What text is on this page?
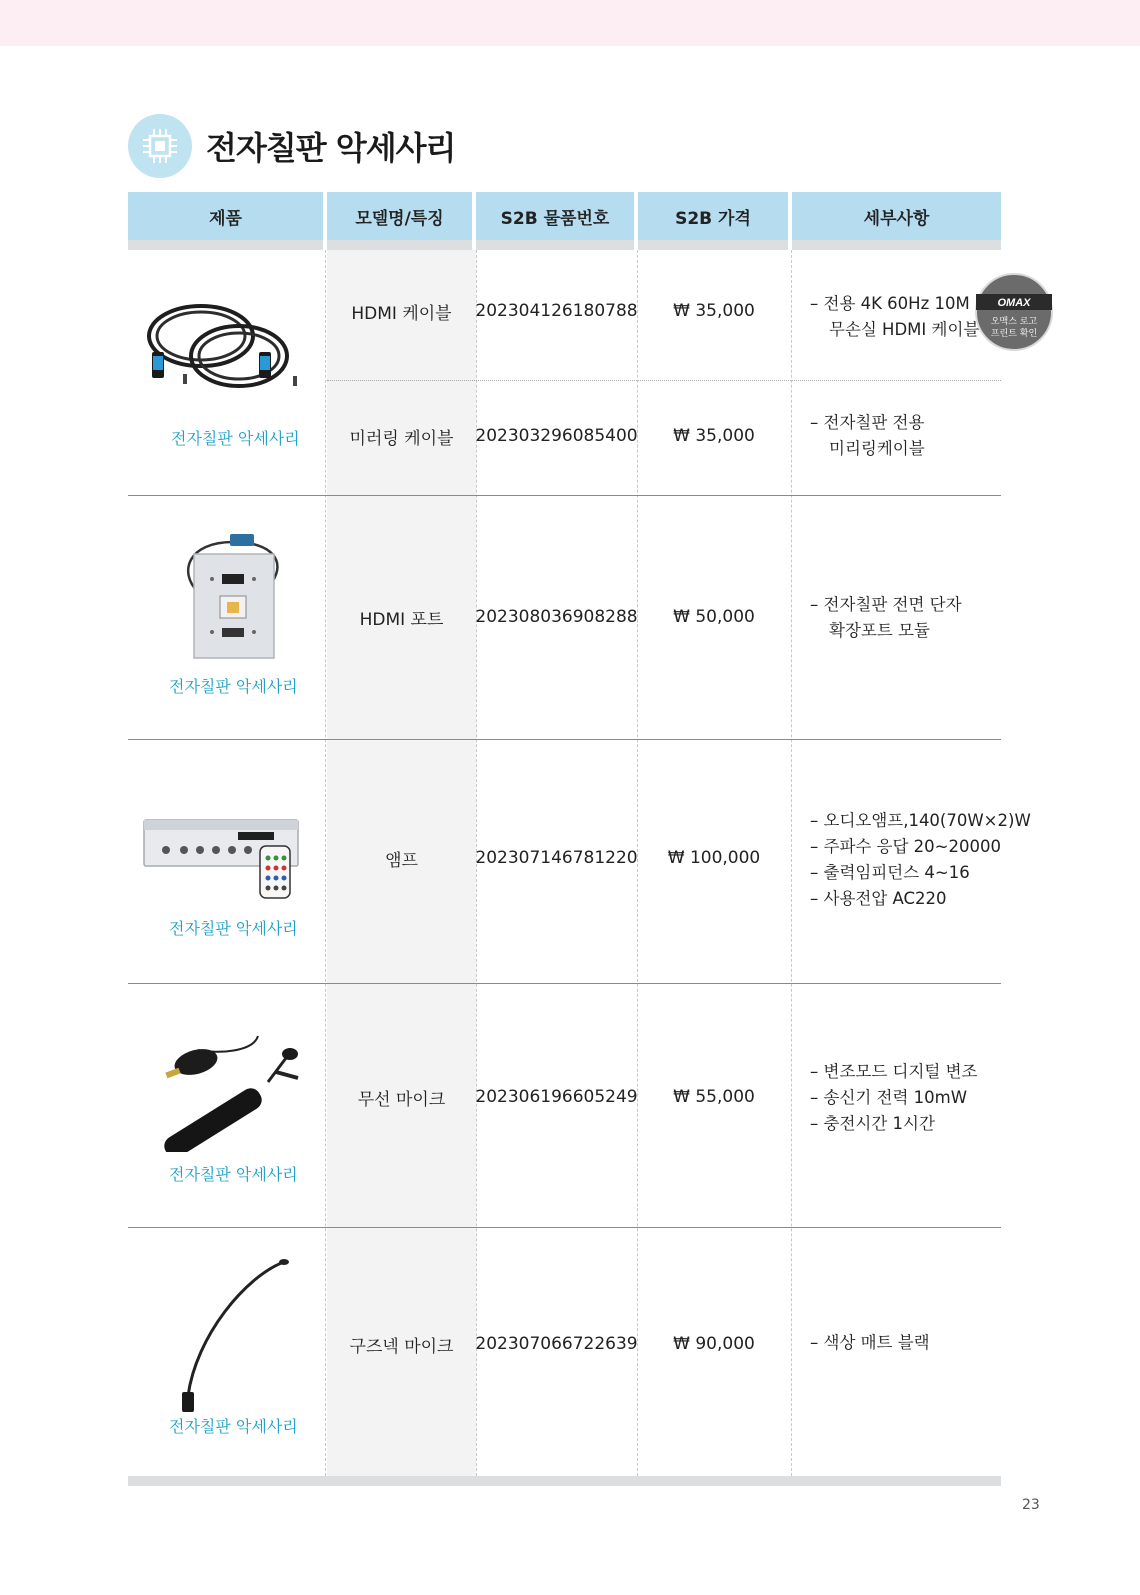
전자칠판 악세사리
제품	모델명/특징	S2B 물품번호	S2B 가격	세부사항
전자칠판 악세사리
HDMI 케이블	202304126180788	₩ 35,000	– 전용 4K 60Hz 10M
무손실 HDMI 케이블
미러링 케이블	202303296085400	₩ 35,000
– 전자칠판 전용
미리링케이블
OMAX
오맥스 로고
프린트 확인
전자칠판 악세사리
HDMI 포트	202308036908288	₩ 50,000
– 전자칠판 전면 단자
확장포트 모듈
전자칠판 악세사리
앰프	202307146781220	₩ 100,000
– 오디오앰프,140(70W×2)W
– 주파수 응답 20~20000
– 출력임피던스 4~16
– 사용전압 AC220
전자칠판 악세사리
무선 마이크	202306196605249	₩ 55,000
– 변조모드 디지털 변조
– 송신기 전력 10mW
– 충전시간 1시간
전자칠판 악세사리
구즈넥 마이크	202307066722639	₩ 90,000	– 색상 매트 블랙
23
